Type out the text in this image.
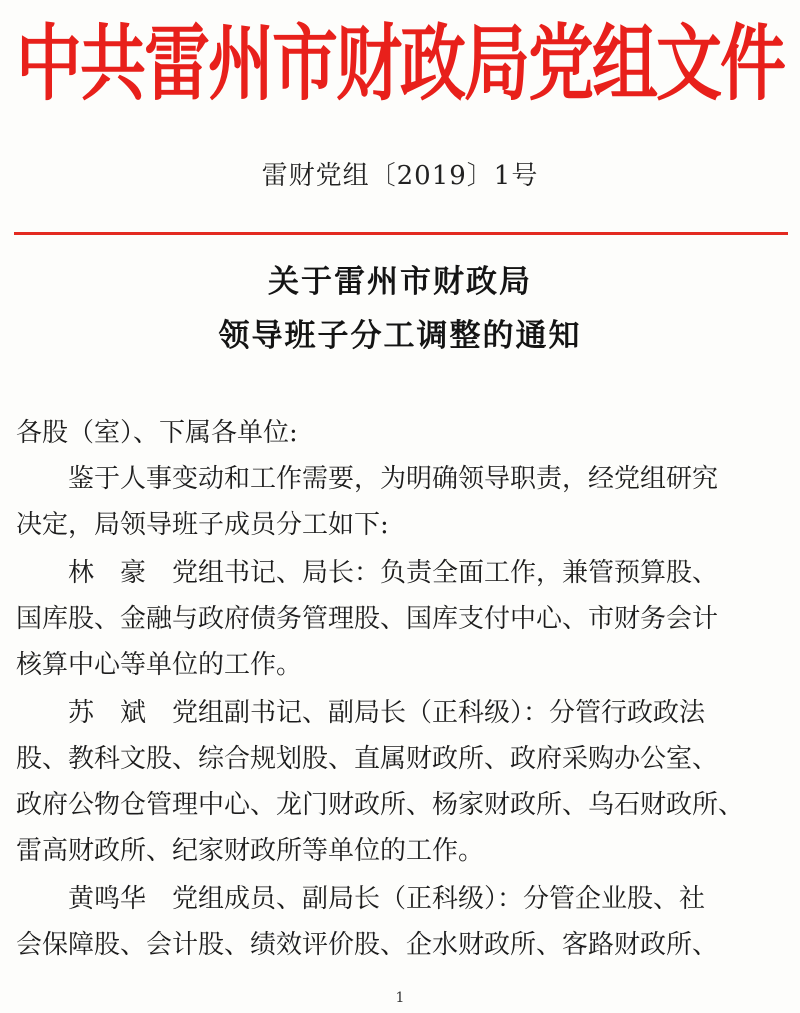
中共雷州市财政局党组文件
雷财党组〔2019〕1号
关于雷州市财政局
领导班子分工调整的通知
各股（室）、下属各单位:
鉴于人事变动和工作需要，为明确领导职责，经党组研究
决定，局领导班子成员分工如下:
林　豪　党组书记、局长：负责全面工作，兼管预算股、
国库股、金融与政府债务管理股、国库支付中心、市财务会计
核算中心等单位的工作。
苏　斌　党组副书记、副局长（正科级）：分管行政政法
股、教科文股、综合规划股、直属财政所、政府采购办公室、
政府公物仓管理中心、龙门财政所、杨家财政所、乌石财政所、
雷高财政所、纪家财政所等单位的工作。
黄鸣华　党组成员、副局长（正科级）：分管企业股、社
会保障股、会计股、绩效评价股、企水财政所、客路财政所、
1
